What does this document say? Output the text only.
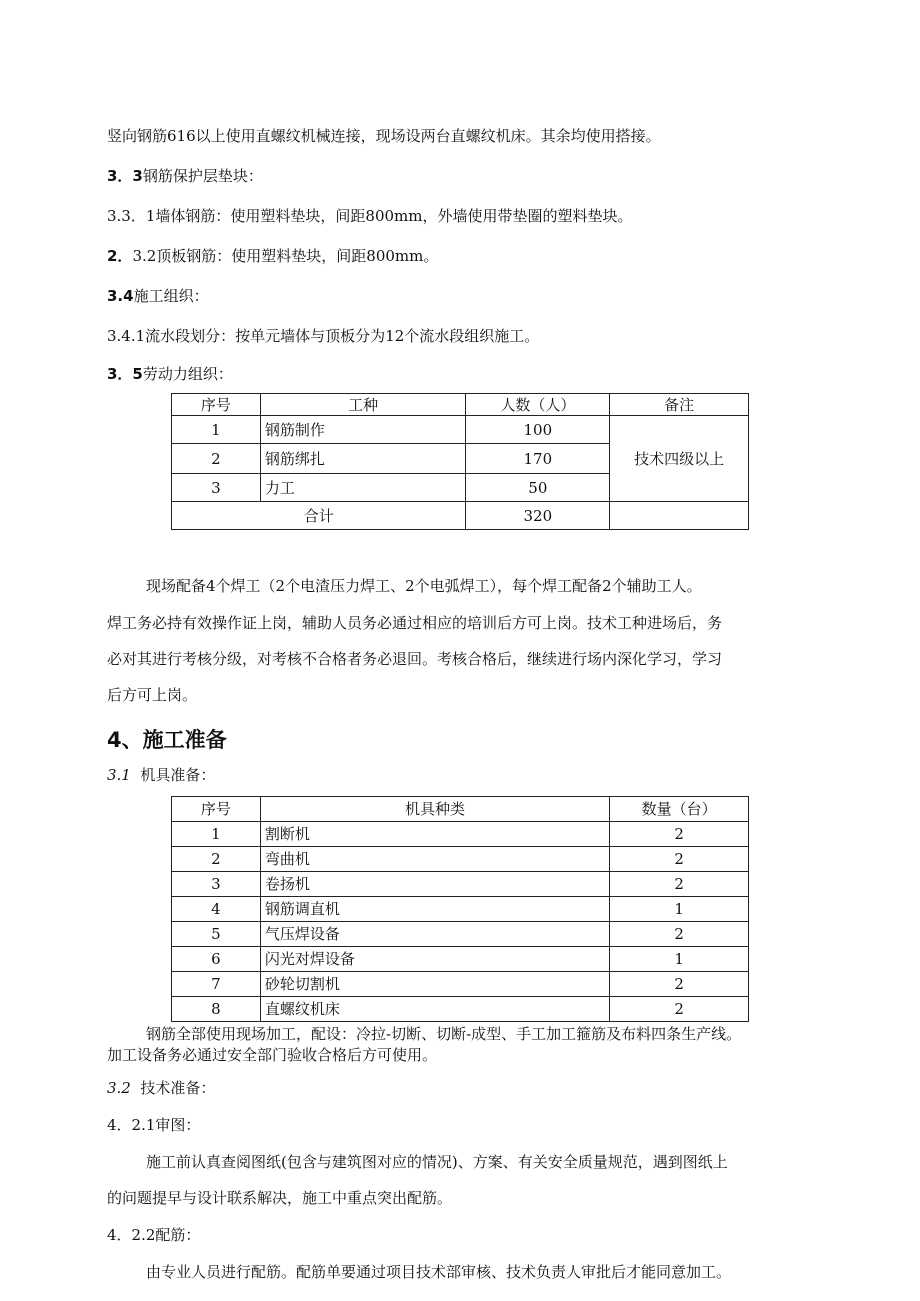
竖向钢筋616以上使用直螺纹机械连接，现场设两台直螺纹机床。其余均使用搭接。
3．3钢筋保护层垫块：
3.3．1墙体钢筋：使用塑料垫块，间距800mm，外墙使用带垫圈的塑料垫块。
2．3.2顶板钢筋：使用塑料垫块，间距800mm。
3.4施工组织：
3.4.1流水段划分：按单元墙体与顶板分为12个流水段组织施工。
3．5劳动力组织：
序号	工种	人数（人）	备注
1	钢筋制作	100	技术四级以上
2	钢筋绑扎	170	
3	力工	50	
合计		320	
现场配备4个焊工（2个电渣压力焊工、2个电弧焊工），每个焊工配备2个辅助工人。
焊工务必持有效操作证上岗，辅助人员务必通过相应的培训后方可上岗。技术工种进场后，务
必对其进行考核分级，对考核不合格者务必退回。考核合格后，继续进行场内深化学习，学习
后方可上岗。
4、施工准备
3.1 机具准备：
序号	机具种类	数量（台）
1	割断机	2
2	弯曲机	2
3	卷扬机	2
4	钢筋调直机	1
5	气压焊设备	2
6	闪光对焊设备	1
7	砂轮切割机	2
8	直螺纹机床	2
钢筋全部使用现场加工，配设：冷拉-切断、切断-成型、手工加工箍筋及布料四条生产线。
加工设备务必通过安全部门验收合格后方可使用。
3.2 技术准备：
4．2.1审图：
施工前认真查阅图纸(包含与建筑图对应的情况)、方案、有关安全质量规范，遇到图纸上
的问题提早与设计联系解决，施工中重点突出配筋。
4．2.2配筋：
由专业人员进行配筋。配筋单要通过项目技术部审核、技术负责人审批后才能同意加工。
